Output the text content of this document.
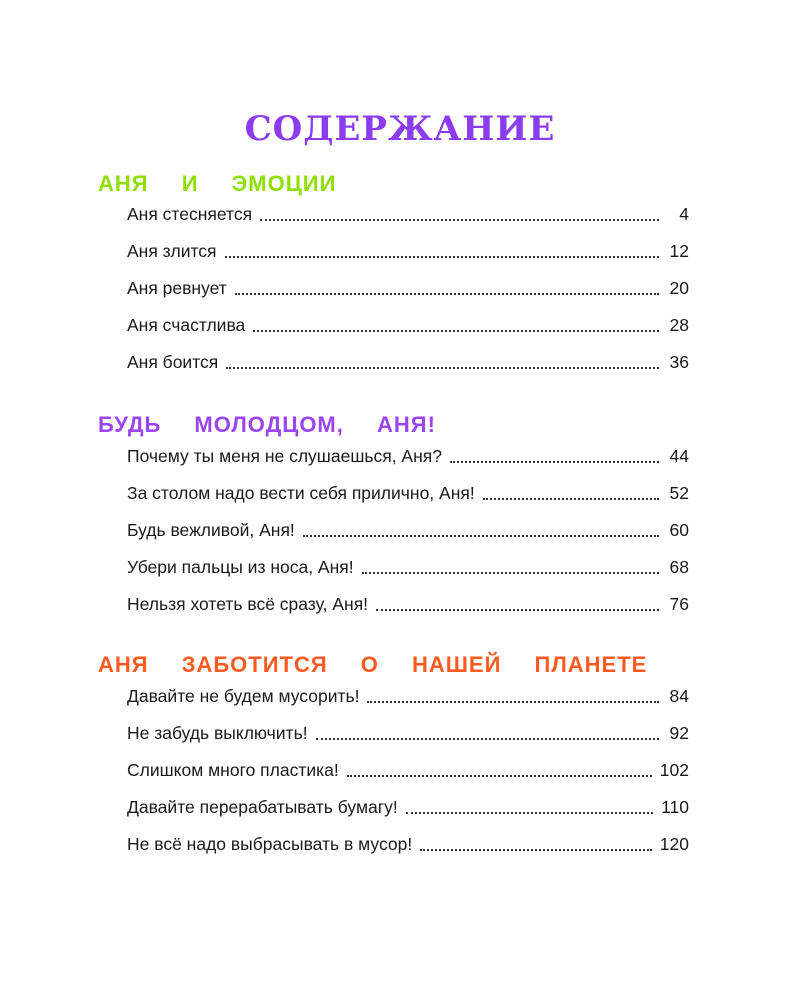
СОДЕРЖАНИЕ
АНЯ И ЭМОЦИИ
Аня стесняется	4
Аня злится	12
Аня ревнует	20
Аня счастлива	28
Аня боится	36
БУДЬ МОЛОДЦОМ, АНЯ!
Почему ты меня не слушаешься, Аня?	44
За столом надо вести себя прилично, Аня!	52
Будь вежливой, Аня!	60
Убери пальцы из носа, Аня!	68
Нельзя хотеть всё сразу, Аня!	76
АНЯ ЗАБОТИТСЯ О НАШЕЙ ПЛАНЕТЕ
Давайте не будем мусорить!	84
Не забудь выключить!	92
Слишком много пластика!	102
Давайте перерабатывать бумагу!	110
Не всё надо выбрасывать в мусор!	120
